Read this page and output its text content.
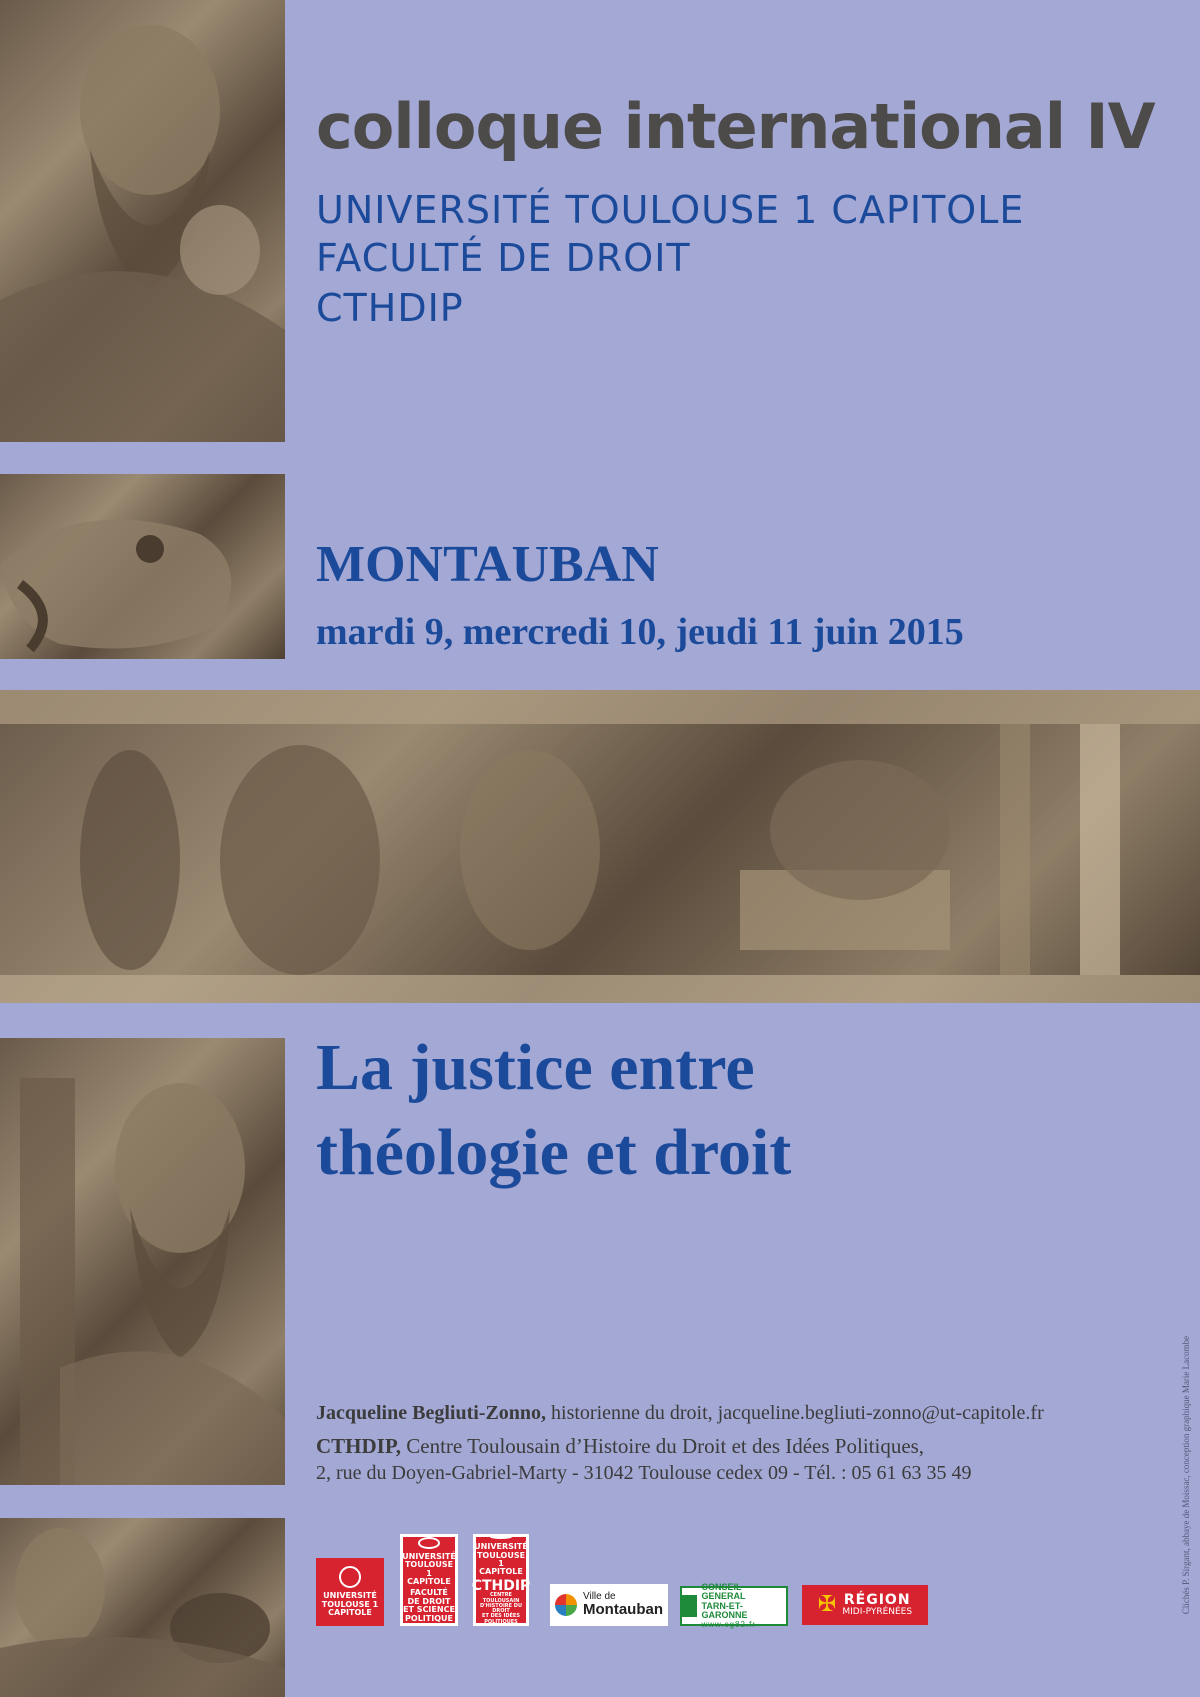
colloque international IV
UNIVERSITÉ TOULOUSE 1 CAPITOLE
FACULTÉ DE DROIT
CTHDIP
MONTAUBAN
mardi 9, mercredi 10, jeudi 11 juin 2015
La justice entre
théologie et droit
Jacqueline Begliuti-Zonno, historienne du droit, jacqueline.begliuti-zonno@ut-capitole.fr
CTHDIP, Centre Toulousain d’Histoire du Droit et des Idées Politiques,
2, rue du Doyen-Gabriel-Marty - 31042 Toulouse cedex 09 - Tél. : 05 61 63 35 49	Clichés P. Sirgant, abbaye de Moissac, conception graphique Marie Lacombe
UNIVERSITÉ
TOULOUSE 1
CAPITOLE
UNIVERSITÉ
TOULOUSE 1
CAPITOLE
FACULTÉ
DE DROIT
ET SCIENCE
POLITIQUE
UNIVERSITÉ
TOULOUSE 1
CAPITOLE
CTHDIP
CENTRE TOULOUSAIN
D'HISTOIRE DU DROIT
ET DES IDÉES POLITIQUES
Ville de
Montauban
CONSEIL GENERAL
TARN-ET-GARONNE
www.cg82.fr
✠ RÉGION
MIDI-PYRÉNÉES
